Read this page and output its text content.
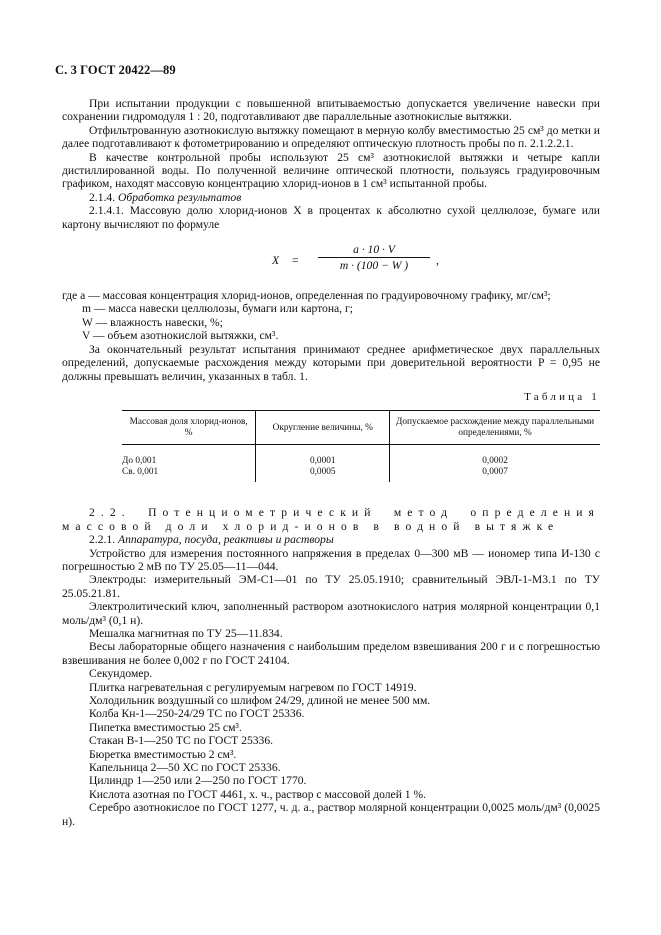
С. 3 ГОСТ 20422—89

При испытании продукции с повышенной впитываемостью допускается увеличение навески при сохранении гидромодуля 1 : 20, подготавливают две параллельные азотнокислые вытяжки.

Отфильтрованную азотнокислую вытяжку помещают в мерную колбу вместимостью 25 см³ до метки и далее подготавливают к фотометрированию и определяют оптическую плотность пробы по п. 2.1.2.2.1.

В качестве контрольной пробы используют 25 см³ азотнокислой вытяжки и четыре капли дистиллированной воды. По полученной величине оптической плотности, пользуясь градуировочным графиком, находят массовую концентрацию хлорид-ионов в 1 см³ испытанной пробы.

2.1.4. Обработка результатов

2.1.4.1. Массовую долю хлорид-ионов X в процентах к абсолютно сухой целлюлозе, бумаге или картону вычисляют по формуле

X =
a · 10 · V
m · (100 − W )	,

где a — массовая концентрация хлорид-ионов, определенная по градуировочному графику, мг/см³;

m — масса навески целлюлозы, бумаги или картона, г;

W — влажность навески, %;

V — объем азотнокислой вытяжки, см³.

За окончательный результат испытания принимают среднее арифметическое двух параллельных определений, допускаемые расхождения между которыми при доверительной вероятности P = 0,95 не должны превышать величин, указанных в табл. 1.

Таблица 1
Массовая доля хлорид-ионов, %	Округление величины, %	Допускаемое расхождение между параллельными определениями, %
До 0,001	0,0001	0,0002
Св. 0,001	0,0005	0,0007

2.2. Потенциометрический метод определения массовой доли хлорид-ионов в водной вытяжке

2.2.1. Аппаратура, посуда, реактивы и растворы

Устройство для измерения постоянного напряжения в пределах 0—300 мВ — иономер типа И-130 с погрешностью 2 мВ по ТУ 25.05—11—044.

Электроды: измерительный ЭМ-С1—01 по ТУ 25.05.1910; сравнительный ЭВЛ-1-М3.1 по ТУ 25.05.21.81.

Электролитический ключ, заполненный раствором азотнокислого натрия молярной концентрации 0,1 моль/дм³ (0,1 н).

Мешалка магнитная по ТУ 25—11.834.

Весы лабораторные общего назначения с наибольшим пределом взвешивания 200 г и с погрешностью взвешивания не более 0,002 г по ГОСТ 24104.

Секундомер.

Плитка нагревательная с регулируемым нагревом по ГОСТ 14919.

Холодильник воздушный со шлифом 24/29, длиной не менее 500 мм.

Колба Кн-1—250-24/29 ТС по ГОСТ 25336.

Пипетка вместимостью 25 см³.

Стакан В-1—250 ТС по ГОСТ 25336.

Бюретка вместимостью 2 см³.

Капельница 2—50 ХС по ГОСТ 25336.

Цилиндр 1—250 или 2—250 по ГОСТ 1770.

Кислота азотная по ГОСТ 4461, х. ч., раствор с массовой долей 1 %.

Серебро азотнокислое по ГОСТ 1277, ч. д. а., раствор молярной концентрации 0,0025 моль/дм³ (0,0025 н).
